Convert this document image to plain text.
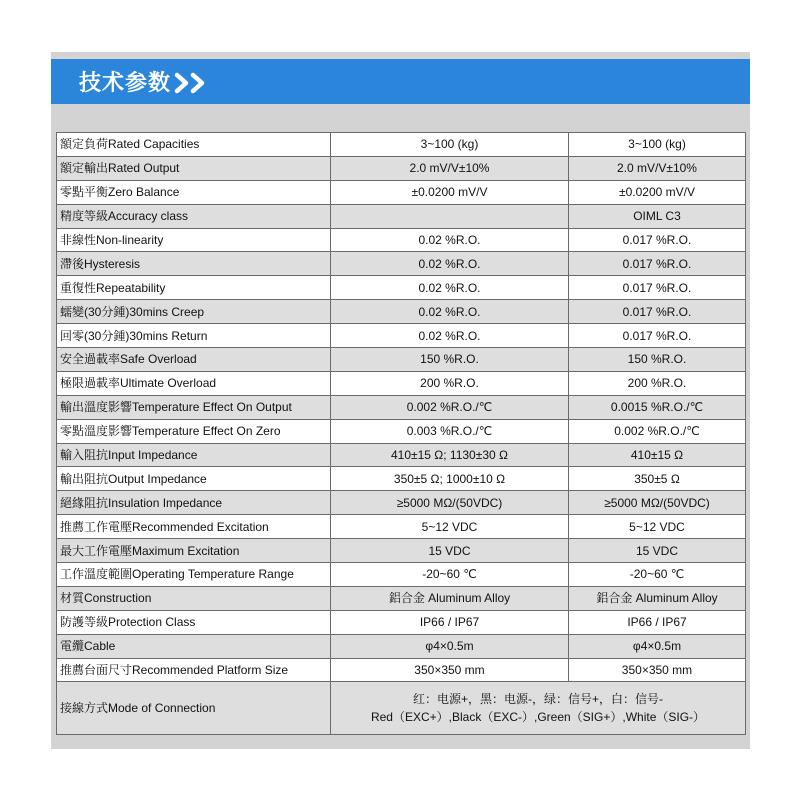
技术参数
額定負荷Rated Capacities	3~100 (kg)	3~100 (kg)
額定輸出Rated Output	2.0 mV/V±10%	2.0 mV/V±10%
零點平衡Zero Balance	±0.0200 mV/V	±0.0200 mV/V
精度等級Accuracy class		OIML C3
非線性Non-linearity	0.02 %R.O.	0.017 %R.O.
滯後Hysteresis	0.02 %R.O.	0.017 %R.O.
重復性Repeatability	0.02 %R.O.	0.017 %R.O.
蠕變(30分鍾)30mins Creep	0.02 %R.O.	0.017 %R.O.
回零(30分鍾)30mins Return	0.02 %R.O.	0.017 %R.O.
安全過載率Safe Overload	150 %R.O.	150 %R.O.
極限過載率Ultimate Overload	200 %R.O.	200 %R.O.
輸出溫度影響Temperature Effect On Output	0.002 %R.O./℃	0.0015 %R.O./℃
零點溫度影響Temperature Effect On Zero	0.003 %R.O./℃	0.002 %R.O./℃
輸入阻抗Input Impedance	410±15 Ω; 1130±30 Ω	410±15 Ω
輸出阻抗Output Impedance	350±5 Ω; 1000±10 Ω	350±5 Ω
絕緣阻抗Insulation Impedance	≥5000 MΩ/(50VDC)	≥5000 MΩ/(50VDC)
推薦工作電壓Recommended Excitation	5~12 VDC	5~12 VDC
最大工作電壓Maximum Excitation	15 VDC	15 VDC
工作溫度範圍Operating Temperature Range	-20~60 ℃	-20~60 ℃
材質Construction	鋁合金 Aluminum Alloy	鋁合金 Aluminum Alloy
防護等級Protection Class	IP66 / IP67	IP66 / IP67
電纜Cable	φ4×0.5m	φ4×0.5m
推薦台面尺寸Recommended Platform Size	350×350 mm	350×350 mm
接線方式Mode of Connection	红：电源+，黑：电源-，绿：信号+，白：信号-
Red（EXC+）,Black（EXC-）,Green（SIG+）,White（SIG-）	
